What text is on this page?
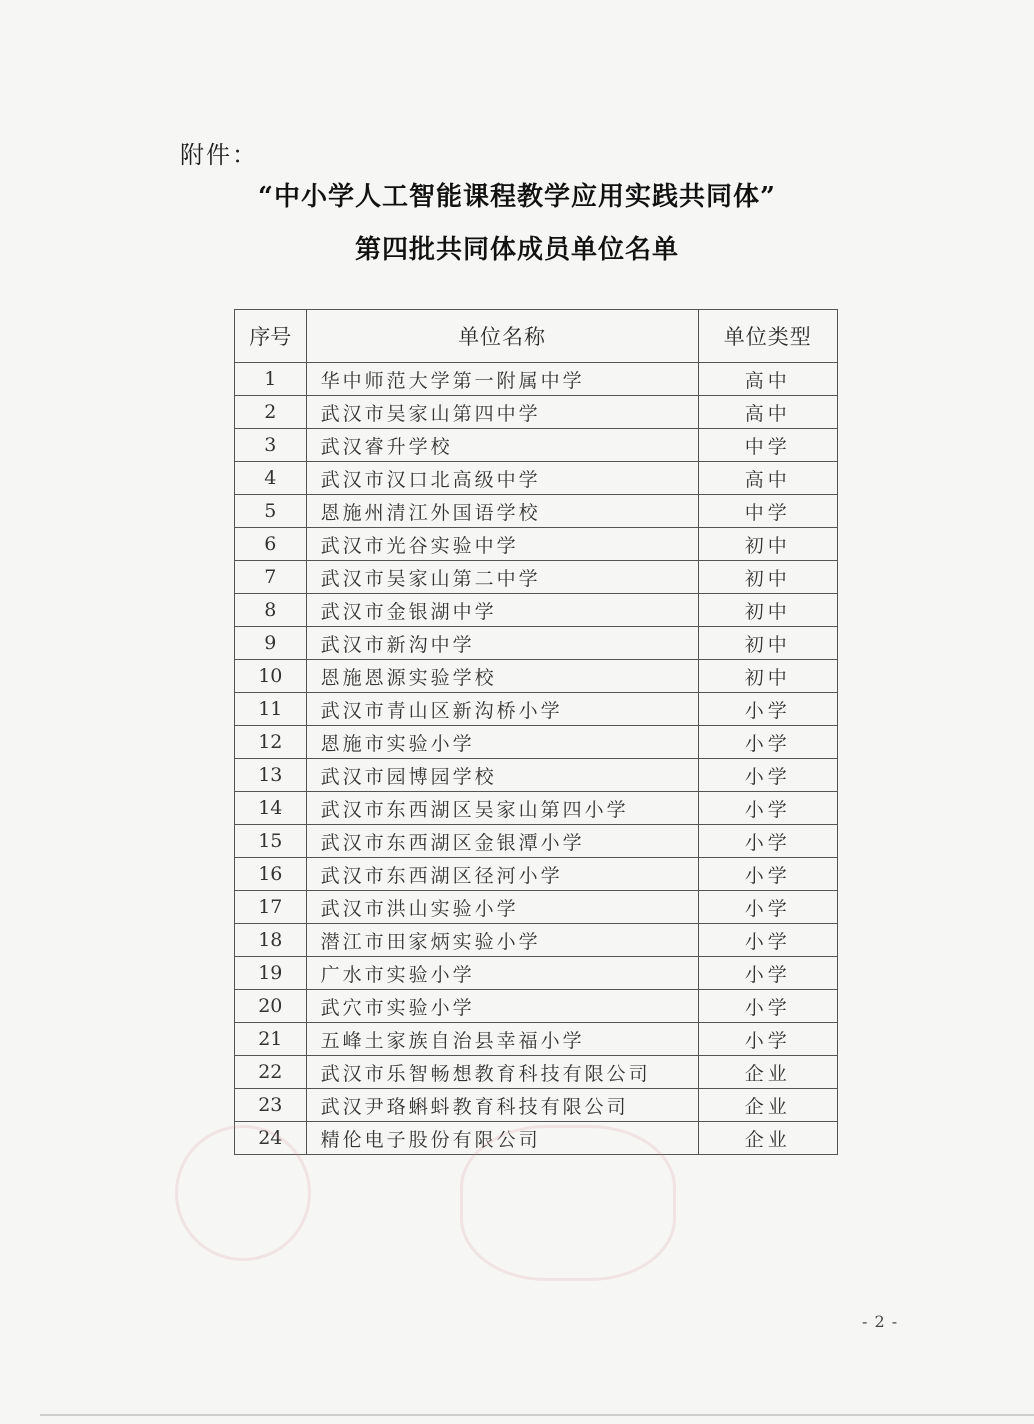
附件：
“中小学人工智能课程教学应用实践共同体”
第四批共同体成员单位名单
序号	单位名称	单位类型
1	华中师范大学第一附属中学	高中
2	武汉市吴家山第四中学	高中
3	武汉睿升学校	中学
4	武汉市汉口北高级中学	高中
5	恩施州清江外国语学校	中学
6	武汉市光谷实验中学	初中
7	武汉市吴家山第二中学	初中
8	武汉市金银湖中学	初中
9	武汉市新沟中学	初中
10	恩施恩源实验学校	初中
11	武汉市青山区新沟桥小学	小学
12	恩施市实验小学	小学
13	武汉市园博园学校	小学
14	武汉市东西湖区吴家山第四小学	小学
15	武汉市东西湖区金银潭小学	小学
16	武汉市东西湖区径河小学	小学
17	武汉市洪山实验小学	小学
18	潜江市田家炳实验小学	小学
19	广水市实验小学	小学
20	武穴市实验小学	小学
21	五峰土家族自治县幸福小学	小学
22	武汉市乐智畅想教育科技有限公司	企业
23	武汉尹珞蝌蚪教育科技有限公司	企业
24	精伦电子股份有限公司	企业
- 2 -
